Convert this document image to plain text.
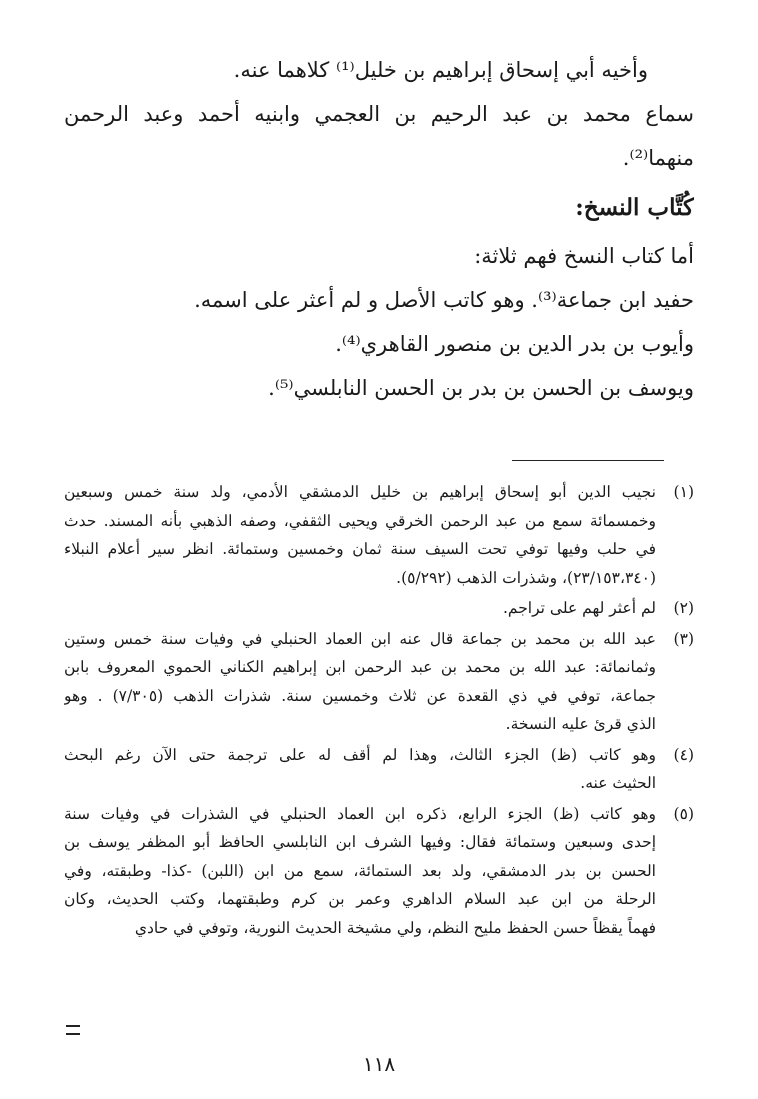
وأخيه أبي إسحاق إبراهيم بن خليل⁽¹⁾ كلاهما عنه.
سماع محمد بن عبد الرحيم بن العجمي وابنيه أحمد وعبد الرحمن
منهما⁽²⁾.
كُتَّاب النسخ:
أما كتاب النسخ فهم ثلاثة:
حفيد ابن جماعة⁽³⁾. وهو كاتب الأصل و لم أعثر على اسمه.
وأيوب بن بدر الدين بن منصور القاهري⁽⁴⁾.
ويوسف بن الحسن بن بدر بن الحسن النابلسي⁽⁵⁾.
(١)
نجيب الدين أبو إسحاق إبراهيم بن خليل الدمشقي الأدمي، ولد سنة خمس وسبعين
وخمسمائة سمع من عبد الرحمن الخرقي ويحيى الثقفي، وصفه الذهبي بأنه المسند. حدث
في حلب وفيها توفي تحت السيف سنة ثمان وخمسين وستمائة. انظر سير أعلام النبلاء
(٢٣/١٥٣،٣٤٠)، وشذرات الذهب (٥/٢٩٢).
(٢)
لم أعثر لهم على تراجم.
(٣)
عبد الله بن محمد بن جماعة قال عنه ابن العماد الحنبلي في وفيات سنة خمس وستين
وثمانمائة: عبد الله بن محمد بن عبد الرحمن ابن إبراهيم الكناني الحموي المعروف بابن
جماعة، توفي في ذي القعدة عن ثلاث وخمسين سنة. شذرات الذهب (٧/٣٠٥) . وهو
الذي قرئ عليه النسخة.
(٤)
وهو كاتب (ظ) الجزء الثالث، وهذا لم أقف له على ترجمة حتى الآن رغم البحث
الحثيث عنه.
(٥)
وهو كاتب (ظ) الجزء الرابع، ذكره ابن العماد الحنبلي في الشذرات في وفيات سنة
إحدى وسبعين وستمائة فقال: وفيها الشرف ابن النابلسي الحافظ أبو المظفر يوسف بن
الحسن بن بدر الدمشقي، ولد بعد الستمائة، سمع من ابن (اللبن) -كذا- وطبقته، وفي
الرحلة من ابن عبد السلام الداهري وعمر بن كرم وطبقتهما، وكتب الحديث، وكان
فهماً يقظاً حسن الحفظ مليح النظم، ولي مشيخة الحديث النورية، وتوفي في حادي
١١٨
